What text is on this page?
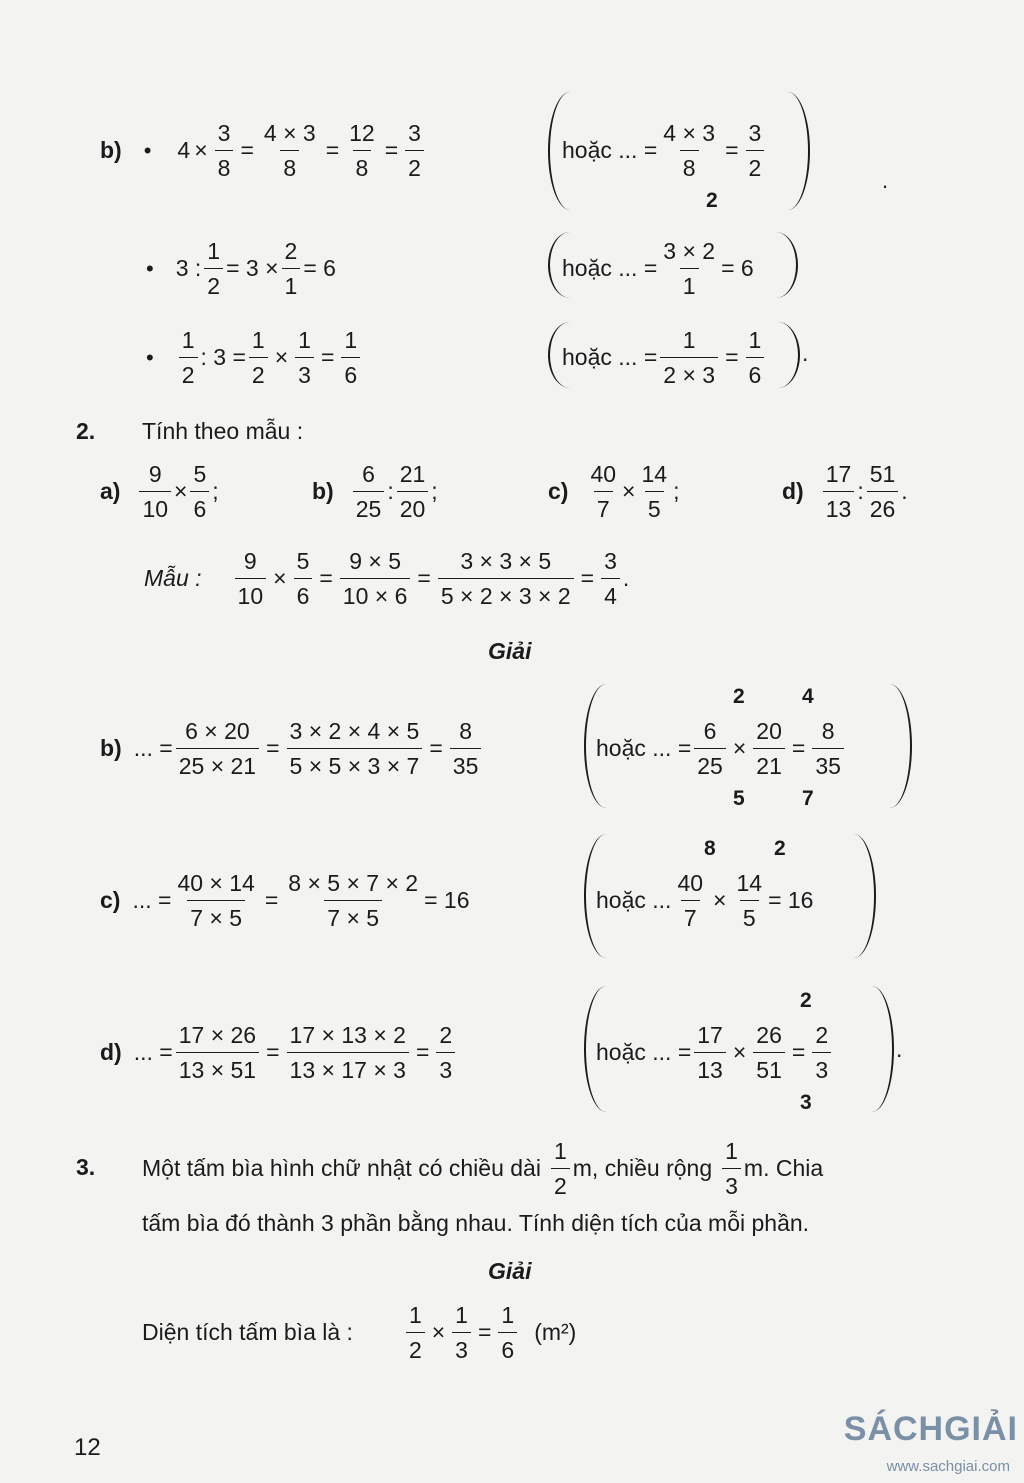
b) • $4 \times \frac{3}{8} = \frac{4 \times 3}{8} = \frac{12}{8} = \frac{3}{2}$	hoặc ... = $\frac{4 \times 3}{8} = \frac{3}{2}$
2
.
• 3 : $\frac{1}{2} = 3 \times \frac{2}{1} = 6$	hoặc ... = $\frac{3 \times 2}{1} = 6$
• $\frac{1}{2}$ : $3 = \frac{1}{2} \times \frac{1}{3} = \frac{1}{6}$	hoặc ... = $\frac{1}{2 \times 3} = \frac{1}{6}$ .
2. Tính theo mẫu :
$a) \frac{9}{10} \times \frac{5}{6}$ ;	$b) \frac{6}{25}$ : $\frac{21}{20}$ ;	$c) \frac{40}{7} \times \frac{14}{5}$ ;	$d) \frac{17}{13}$ : $\frac{51}{26}$ .
Mẫu : $\frac{9}{10} \times \frac{5}{6} = \frac{9 \times 5}{10 \times 6} = \frac{3 \times 3 \times 5}{5 \times 2 \times 3 \times 2} = \frac{3}{4}$ .
Giải
b) ... = $\frac{6 \times 20}{25 \times 21} = \frac{3 \times 2 \times 4 \times 5}{5 \times 5 \times 3 \times 7} = \frac{8}{35}$	hoặc ... = $\frac{6}{25} \times \frac{20}{21} = \frac{8}{35}$
2
5
4
7
c) ... = $\frac{40 \times 14}{7 \times 5} = \frac{8 \times 5 \times 7 \times 2}{7 \times 5} = 16$	hoặc ... $\frac{40}{7} \times \frac{14}{5} = 16$
8	2
d) ... = $\frac{17 \times 26}{13 \times 51} = \frac{17 \times 13 \times 2}{13 \times 17 \times 3} = \frac{2}{3}$	hoặc ... = $\frac{17}{13} \times \frac{26}{51} = \frac{2}{3}$
2
3
.
3. Một tấm bìa hình chữ nhật có chiều dài $\frac{1}{2} m$, chiều rộng $\frac{1}{3} m$. Chia
tấm bìa đó thành 3 phần bằng nhau. Tính diện tích của mỗi phần.
Giải
Diện tích tấm bìa là : $\frac{1}{2} \times \frac{1}{3} = \frac{1}{6} (m^2)$
12	SÁCHGIẢI
www.sachgiai.com
